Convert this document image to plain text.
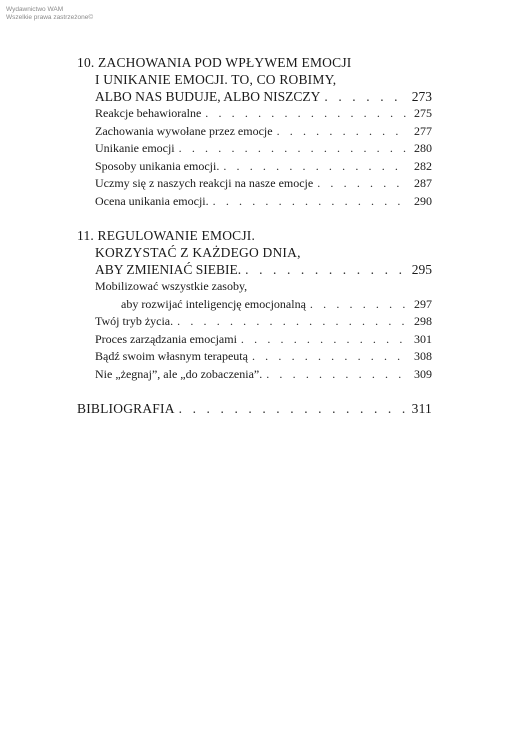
Wydawnictwo WAM
Wszelkie prawa zastrzeżone©
10. ZACHOWANIA POD WPŁYWEM EMOCJI
I UNIKANIE EMOCJI. TO, CO ROBIMY,
ALBO NAS BUDUJE, ALBO NISZCZY . . .	273
Reakcje behawioralne . . .	275
Zachowania wywołane przez emocje . . .	277
Unikanie emocji . . .	280
Sposoby unikania emocji. . . .	282
Uczmy się z naszych reakcji na nasze emocje . . .	287
Ocena unikania emocji. . . .	290
11. REGULOWANIE EMOCJI.
KORZYSTAĆ Z KAŻDEGO DNIA,
ABY ZMIENIAĆ SIEBIE. . . .	295
Mobilizować wszystkie zasoby,
aby rozwijać inteligencję emocjonalną . . .	297
Twój tryb życia. . . .	298
Proces zarządzania emocjami . . .	301
Bądź swoim własnym terapeutą . . .	308
Nie „żegnaj”, ale „do zobaczenia”. . . .	309
BIBLIOGRAFIA . . .	311
